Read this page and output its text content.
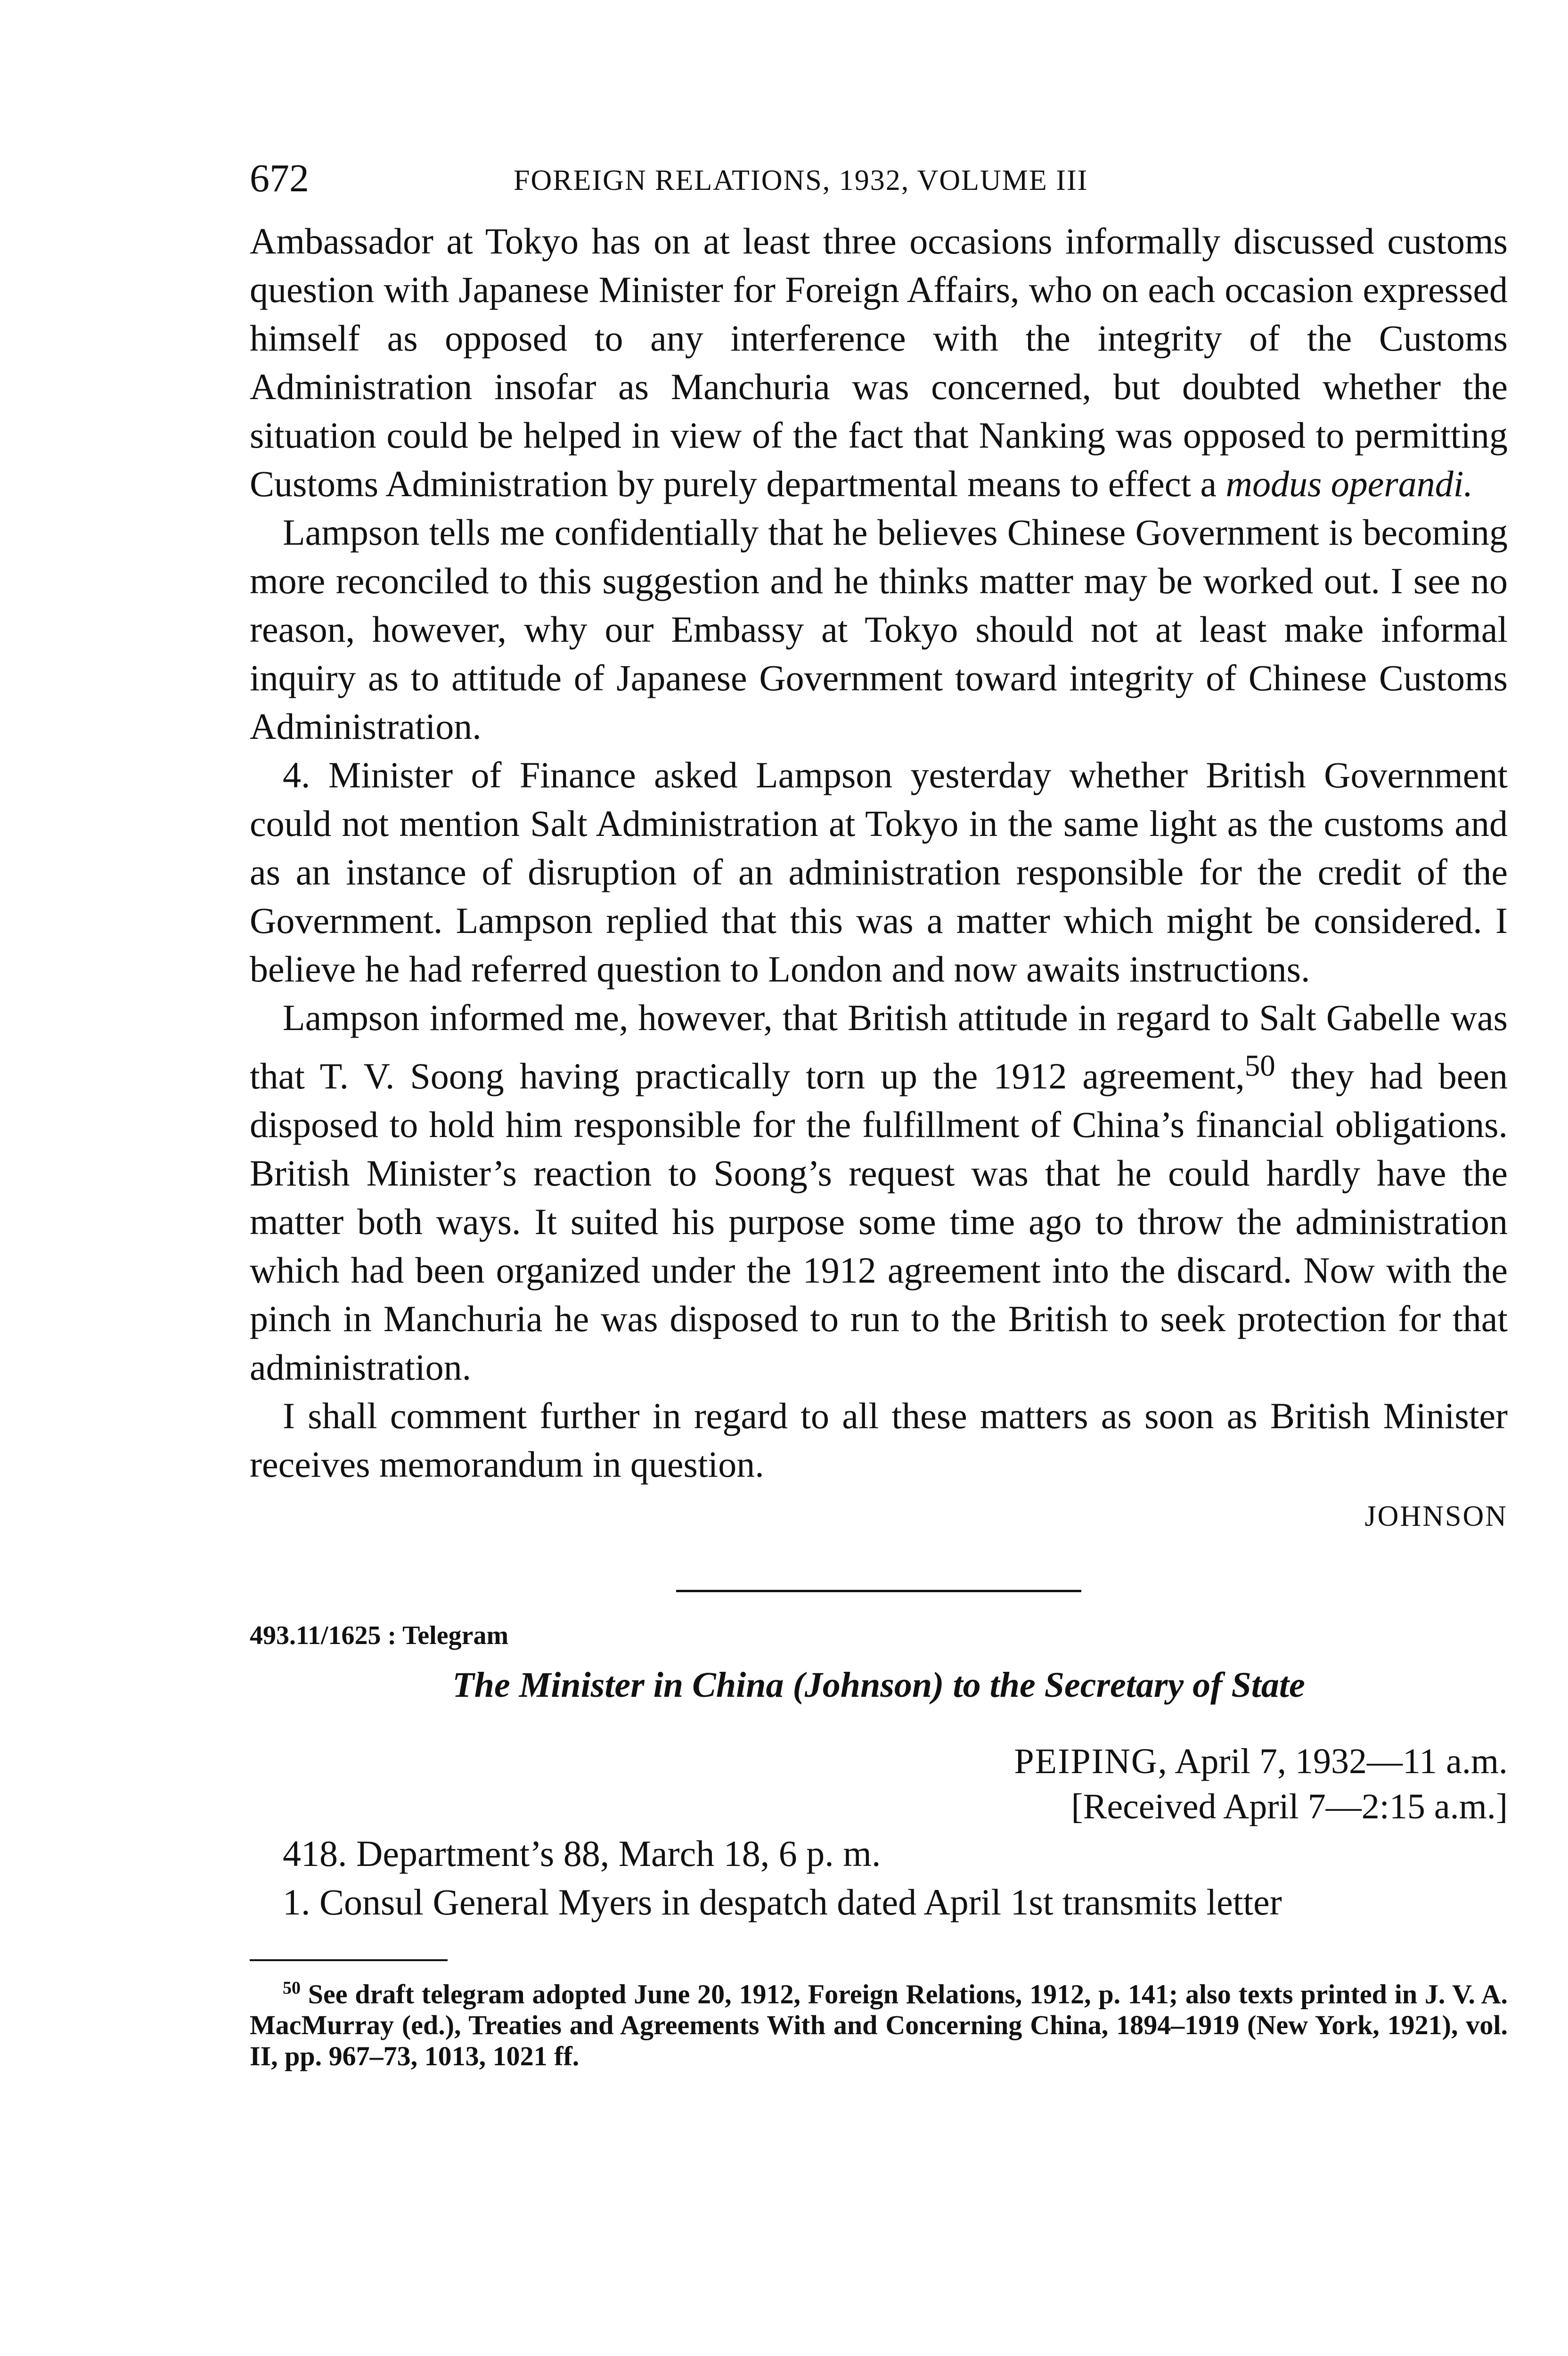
672	FOREIGN RELATIONS, 1932, VOLUME III

Ambassador at Tokyo has on at least three occasions informally discussed customs question with Japanese Minister for Foreign Affairs, who on each occasion expressed himself as opposed to any interference with the integrity of the Customs Administration insofar as Manchuria was concerned, but doubted whether the situation could be helped in view of the fact that Nanking was opposed to permitting Customs Administration by purely departmental means to effect a modus operandi.

Lampson tells me confidentially that he believes Chinese Government is becoming more reconciled to this suggestion and he thinks matter may be worked out. I see no reason, however, why our Embassy at Tokyo should not at least make informal inquiry as to attitude of Japanese Government toward integrity of Chinese Customs Administration.

4. Minister of Finance asked Lampson yesterday whether British Government could not mention Salt Administration at Tokyo in the same light as the customs and as an instance of disruption of an administration responsible for the credit of the Government. Lampson replied that this was a matter which might be considered. I believe he had referred question to London and now awaits instructions.

Lampson informed me, however, that British attitude in regard to Salt Gabelle was that T. V. Soong having practically torn up the 1912 agreement,$^{50}$ they had been disposed to hold him responsible for the fulfillment of China’s financial obligations. British Minister’s reaction to Soong’s request was that he could hardly have the matter both ways. It suited his purpose some time ago to throw the administration which had been organized under the 1912 agreement into the discard. Now with the pinch in Manchuria he was disposed to run to the British to seek protection for that administration.

I shall comment further in regard to all these matters as soon as British Minister receives memorandum in question.

JOHNSON
493.11/1625 : Telegram
The Minister in China (Johnson) to the Secretary of State
PEIPING, April 7, 1932—11 a.m.
[Received April 7—2:15 a.m.]

418. Department’s 88, March 18, 6 p. m.

1. Consul General Myers in despatch dated April 1st transmits letter

$^{50}$ See draft telegram adopted June 20, 1912, Foreign Relations, 1912, p. 141; also texts printed in J. V. A. MacMurray (ed.), Treaties and Agreements With and Concerning China, 1894–1919 (New York, 1921), vol. II, pp. 967–73, 1013, 1021 ff.
